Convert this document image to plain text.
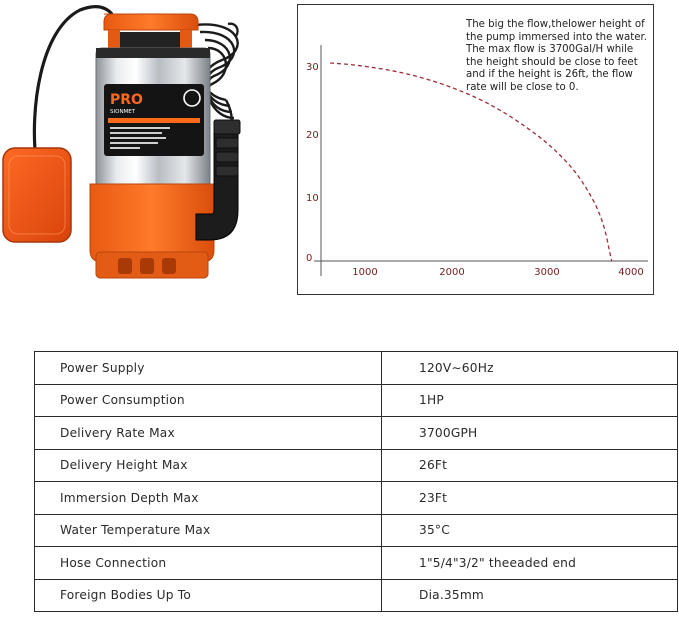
PRO
SIONMET
0
10
20
30
1000	2000	3000	4000

The big the flow,thelower height of the pump immersed into the water. The max flow is 3700Gal/H while the height should be close to feet and if the height is 26ft, the flow rate will be close to 0.

Power Supply	120V∼60Hz
Power Consumption	1HP
Delivery Rate Max	3700GPH
Delivery Height Max	26Ft
Immersion Depth Max	23Ft
Water Temperature Max	35°C
Hose Connection	1"5/4"3/2" theeaded end
Foreign Bodies Up To	Dia.35mm
